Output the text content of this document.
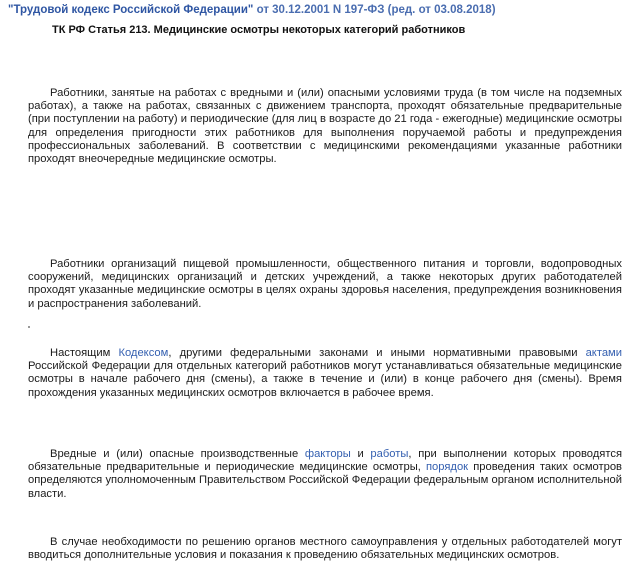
"Трудовой кодекс Российской Федерации" от 30.12.2001 N 197-ФЗ (ред. от 03.08.2018)
ТК РФ Статья 213. Медицинские осмотры некоторых категорий работников
Работники, занятые на работах с вредными и (или) опасными условиями труда (в том числе на подземных работах), а также на работах, связанных с движением транспорта, проходят обязательные предварительные (при поступлении на работу) и периодические (для лиц в возрасте до 21 года - ежегодные) медицинские осмотры для определения пригодности этих работников для выполнения поручаемой работы и предупреждения профессиональных заболеваний. В соответствии с медицинскими рекомендациями указанные работники проходят внеочередные медицинские осмотры.
Работники организаций пищевой промышленности, общественного питания и торговли, водопроводных сооружений, медицинских организаций и детских учреждений, а также некоторых других работодателей проходят указанные медицинские осмотры в целях охраны здоровья населения, предупреждения возникновения и распространения заболеваний.
Настоящим Кодексом, другими федеральными законами и иными нормативными правовыми актами Российской Федерации для отдельных категорий работников могут устанавливаться обязательные медицинские осмотры в начале рабочего дня (смены), а также в течение и (или) в конце рабочего дня (смены). Время прохождения указанных медицинских осмотров включается в рабочее время.
Вредные и (или) опасные производственные факторы и работы, при выполнении которых проводятся обязательные предварительные и периодические медицинские осмотры, порядок проведения таких осмотров определяются уполномоченным Правительством Российской Федерации федеральным органом исполнительной власти.
В случае необходимости по решению органов местного самоуправления у отдельных работодателей могут вводиться дополнительные условия и показания к проведению обязательных медицинских осмотров.
